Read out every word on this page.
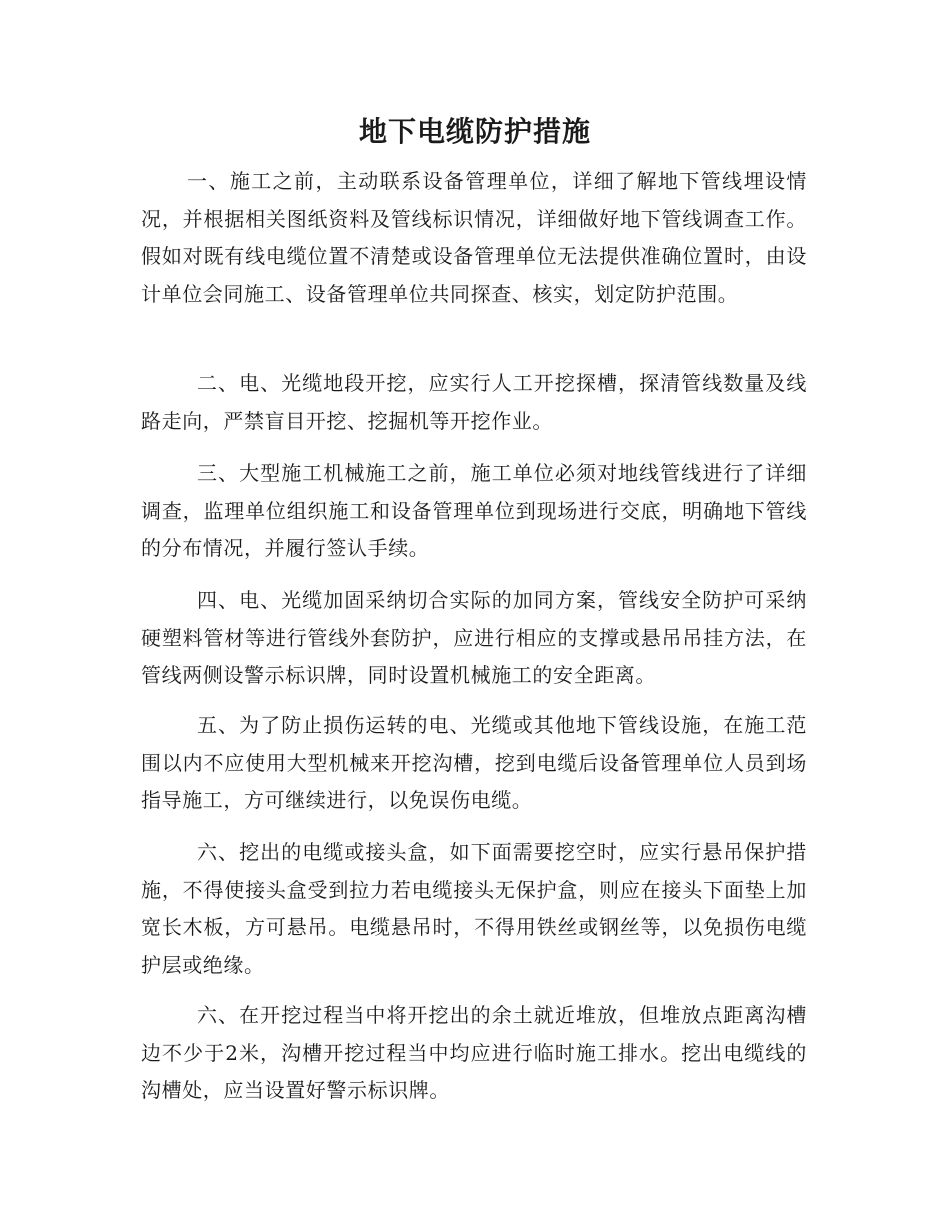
地下电缆防护措施

一、施工之前，主动联系设备管理单位，详细了解地下管线埋设情况，并根据相关图纸资料及管线标识情况，详细做好地下管线调查工作。假如对既有线电缆位置不清楚或设备管理单位无法提供准确位置时，由设计单位会同施工、设备管理单位共同探查、核实，划定防护范围。

二、电、光缆地段开挖，应实行人工开挖探槽，探清管线数量及线路走向，严禁盲目开挖、挖掘机等开挖作业。

三、大型施工机械施工之前，施工单位必须对地线管线进行了详细调查，监理单位组织施工和设备管理单位到现场进行交底，明确地下管线的分布情况，并履行签认手续。

四、电、光缆加固采纳切合实际的加同方案，管线安全防护可采纳硬塑料管材等进行管线外套防护，应进行相应的支撑或悬吊吊挂方法，在管线两侧设警示标识牌，同时设置机械施工的安全距离。

五、为了防止损伤运转的电、光缆或其他地下管线设施，在施工范围以内不应使用大型机械来开挖沟槽，挖到电缆后设备管理单位人员到场指导施工，方可继续进行，以免误伤电缆。

六、挖出的电缆或接头盒，如下面需要挖空时，应实行悬吊保护措施，不得使接头盒受到拉力若电缆接头无保护盒，则应在接头下面垫上加宽长木板，方可悬吊。电缆悬吊时，不得用铁丝或钢丝等，以免损伤电缆护层或绝缘。

六、在开挖过程当中将开挖出的余土就近堆放，但堆放点距离沟槽边不少于2米，沟槽开挖过程当中均应进行临时施工排水。挖出电缆线的沟槽处，应当设置好警示标识牌。
